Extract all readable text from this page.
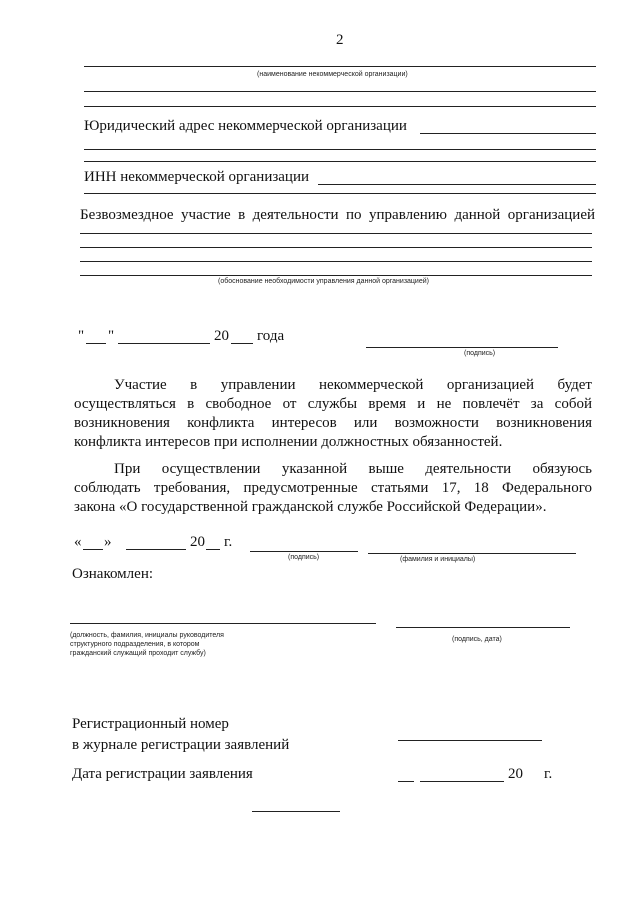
2
(наименование некоммерческой организации)
Юридический адрес некоммерческой организации
ИНН некоммерческой организации
Безвозмездное участие в деятельности по управлению данной организацией
(обоснование необходимости управления данной организацией)
" "	20 года
(подпись)
Участие в управлении некоммерческой организацией будет
осуществляться в свободное от службы время и не повлечёт за собой
возникновения конфликта интересов или возможности возникновения
конфликта интересов при исполнении должностных обязанностей.
При осуществлении указанной выше деятельности обязуюсь
соблюдать требования, предусмотренные статьями 17, 18 Федерального
закона «О государственной гражданской службе Российской Федерации».
« »	20 г.
(подпись)	(фамилия и инициалы)
Ознакомлен:
(должность, фамилия, инициалы руководителя
структурного подразделения, в котором
гражданский служащий проходит службу)
(подпись, дата)
Регистрационный номер
в журнале регистрации заявлений
Дата регистрации заявления	20 г.
